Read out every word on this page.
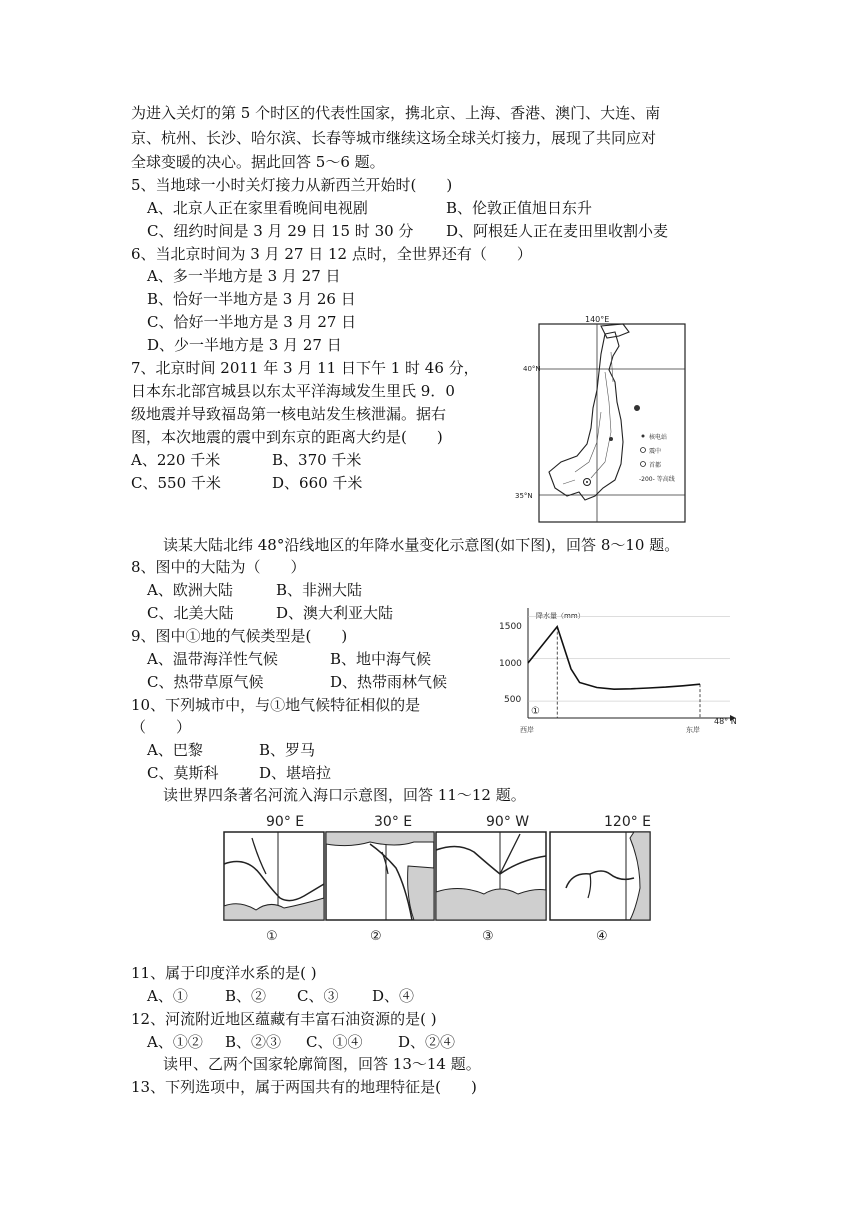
为进入关灯的第 5 个时区的代表性国家，携北京、上海、香港、澳门、大连、南
京、杭州、长沙、哈尔滨、长春等城市继续这场全球关灯接力，展现了共同应对
全球变暖的决心。据此回答 5～6 题。
5、当地球一小时关灯接力从新西兰开始时(　　)
A、北京人正在家里看晚间电视剧	B、伦敦正值旭日东升
C、纽约时间是 3 月 29 日 15 时 30 分 D、阿根廷人正在麦田里收割小麦
6、当北京时间为 3 月 27 日 12 点时，全世界还有（　　）
A、多一半地方是 3 月 27 日
B、恰好一半地方是 3 月 26 日
C、恰好一半地方是 3 月 27 日
D、少一半地方是 3 月 27 日
7、北京时间 2011 年 3 月 11 日下午 1 时 46 分，
日本东北部宫城县以东太平洋海域发生里氏 9．0
级地震并导致福岛第一核电站发生核泄漏。据右
图，本次地震的震中到东京的距离大约是(　　)
A、220 千米	B、370 千米
C、550 千米	D、660 千米
140°E
40°N
35°N
核电站
震中
首都
-200- 等高线
读某大陆北纬 48°沿线地区的年降水量变化示意图(如下图)，回答 8～10 题。
8、图中的大陆为（　　）
A、欧洲大陆	B、非洲大陆
C、北美大陆	D、澳大利亚大陆
9、图中①地的气候类型是(　　)
A、温带海洋性气候	B、地中海气候
C、热带草原气候	D、热带雨林气候
10、下列城市中，与①地气候特征相似的是
（　　）
A、巴黎	B、罗马
C、莫斯科	D、堪培拉
降水量（mm）
48° N
西岸	东岸
1500
1000
500
①
读世界四条著名河流入海口示意图，回答 11～12 题。
90° E
①
30° E
②
90° W
③
120° E
④
11、属于印度洋水系的是( )
A、① B、② C、③ D、④
12、河流附近地区蕴藏有丰富石油资源的是( )
A、①② B、②③ C、①④ D、②④
读甲、乙两个国家轮廓简图，回答 13～14 题。
13、下列选项中，属于两国共有的地理特征是(　　)
